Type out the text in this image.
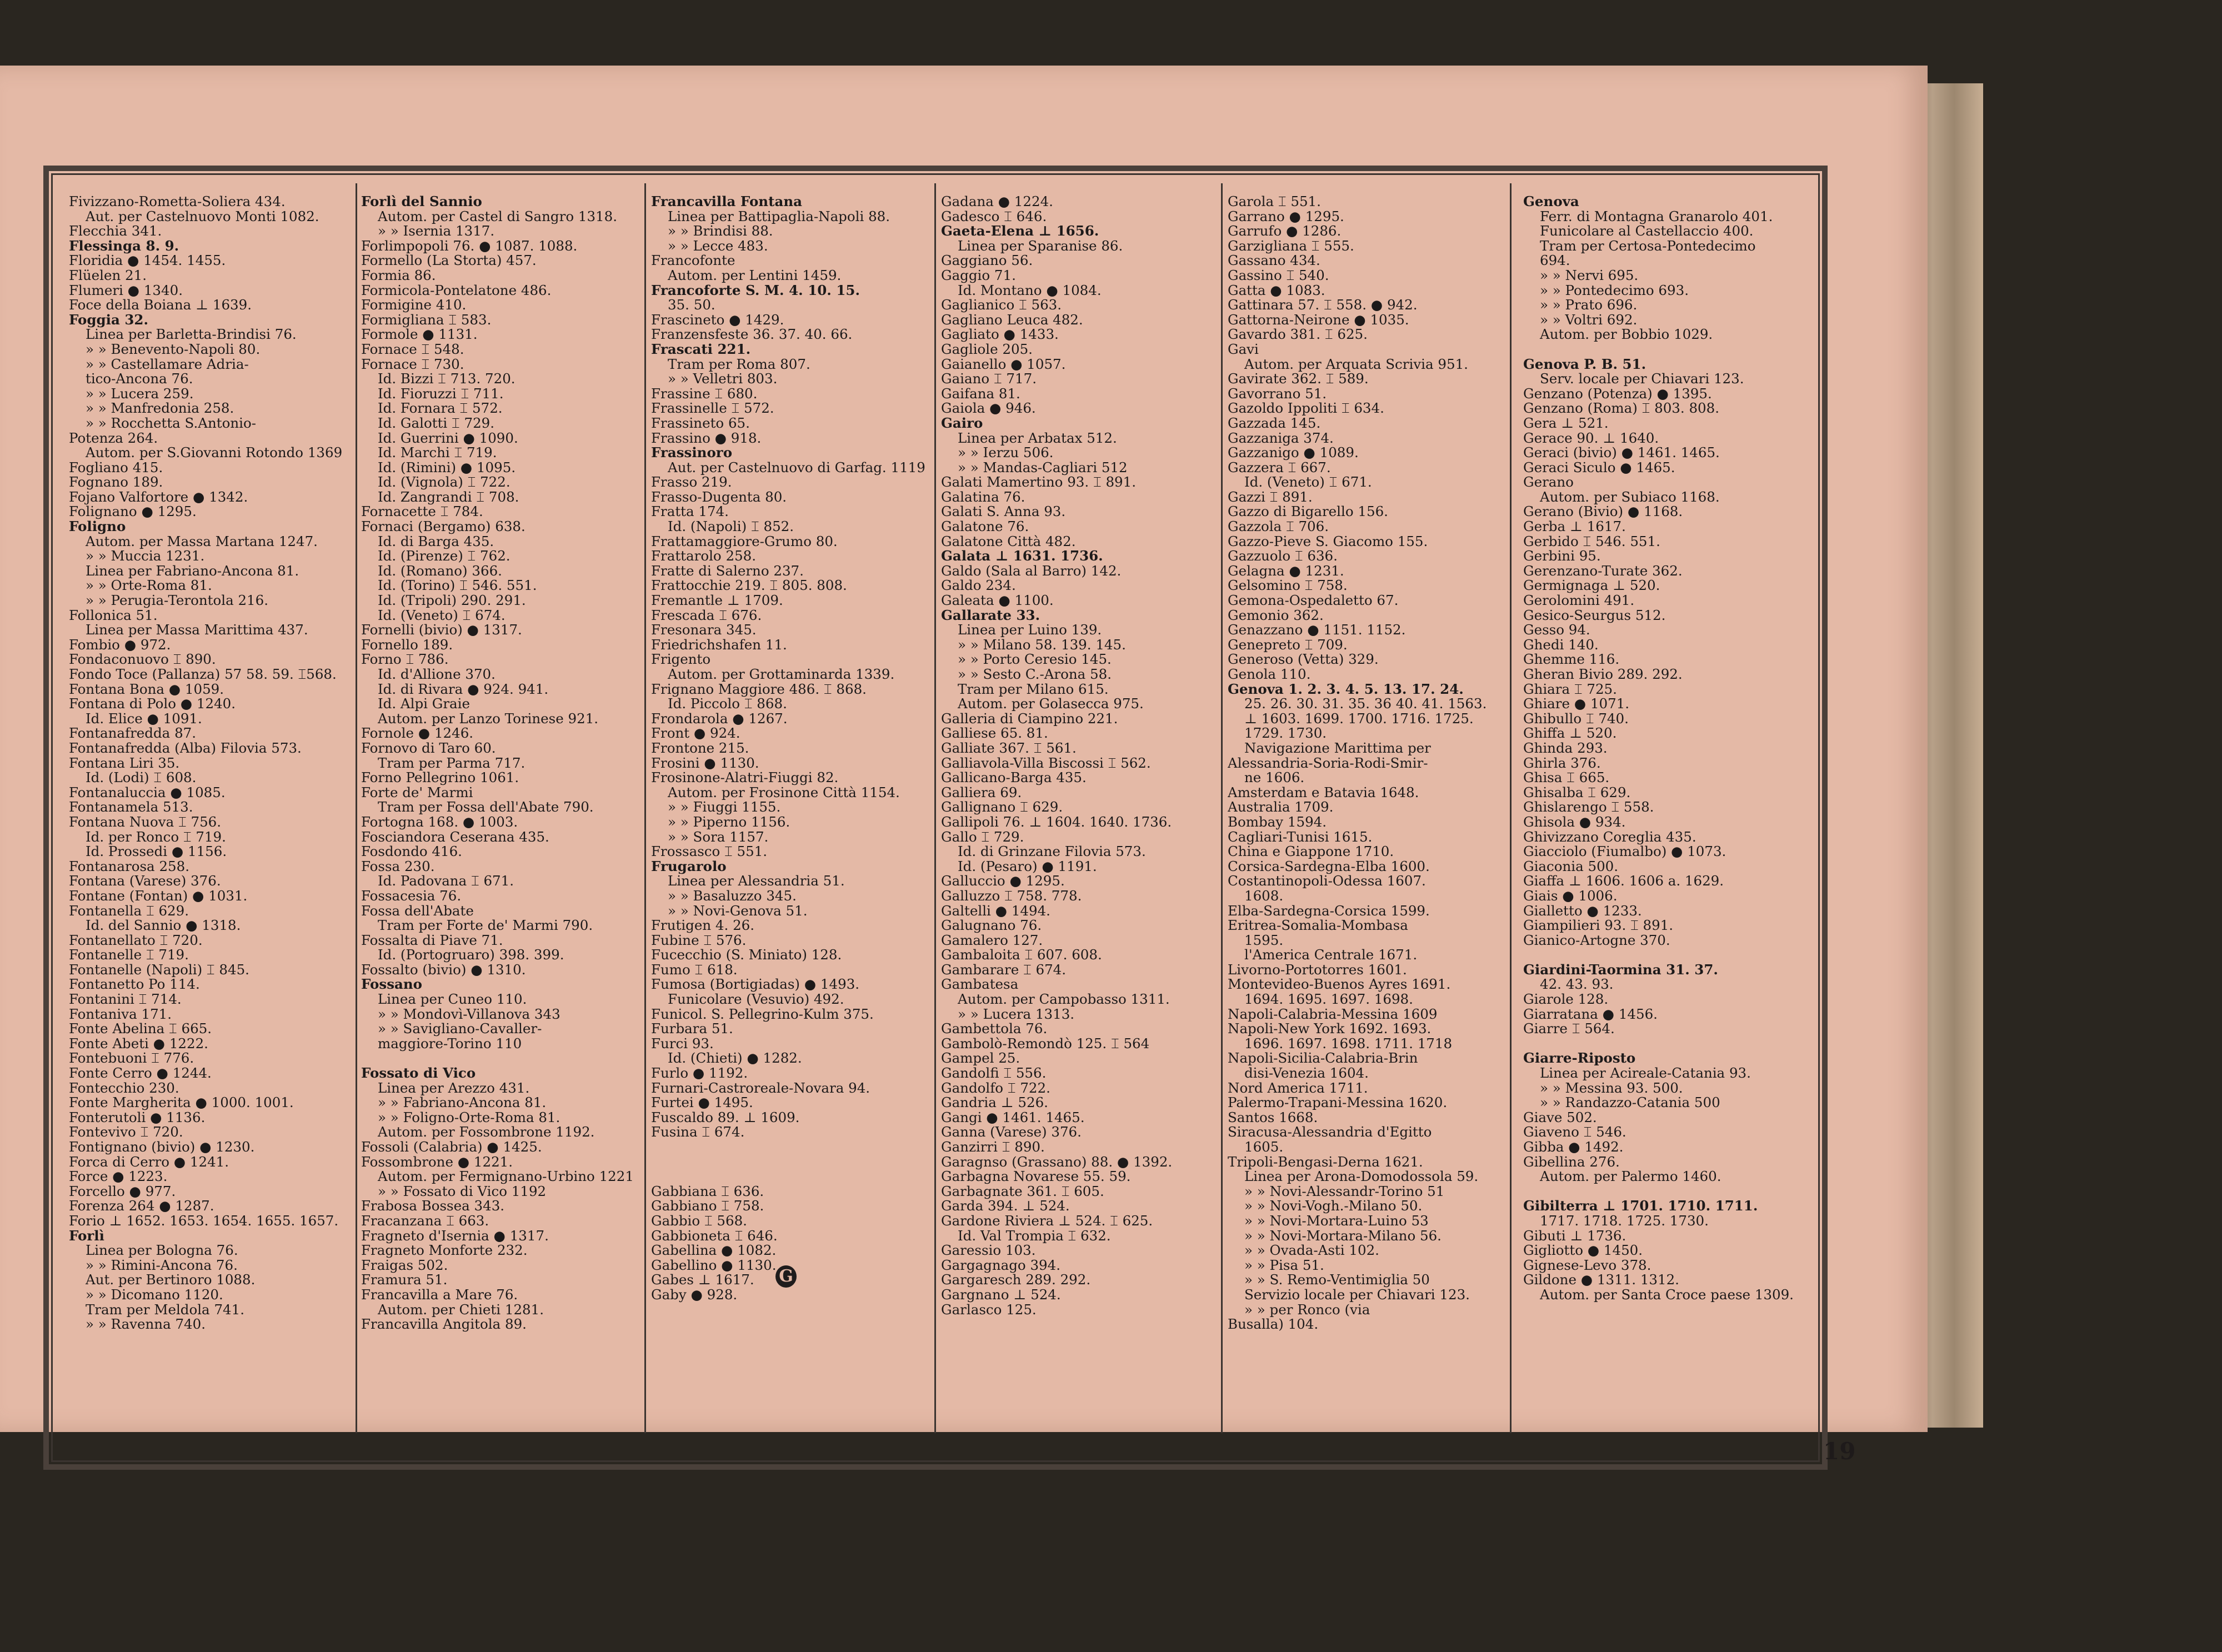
Fivizzano-Rometta-Soliera 434.
Aut. per Castelnuovo Monti 1082.
Flecchia 341.
Flessinga 8. 9.
Floridia ● 1454. 1455.
Flüelen 21.
Flumeri ● 1340.
Foce della Boiana ⊥ 1639.
Foggia 32.
Linea per Barletta-Brindisi 76.
» » Benevento-Napoli 80.
» » Castellamare Adria-
tico-Ancona 76.
» » Lucera 259.
» » Manfredonia 258.
» » Rocchetta S.Antonio-
Potenza 264.
Autom. per S.Giovanni Rotondo 1369
Fogliano 415.
Fognano 189.
Fojano Valfortore ● 1342.
Folignano ● 1295.
Foligno
Autom. per Massa Martana 1247.
» » Muccia 1231.
Linea per Fabriano-Ancona 81.
» » Orte-Roma 81.
» » Perugia-Terontola 216.
Follonica 51.
Linea per Massa Marittima 437.
Fombio ● 972.
Fondaconuovo ⌶ 890.
Fondo Toce (Pallanza) 57 58. 59. ⌶568.
Fontana Bona ● 1059.
Fontana di Polo ● 1240.
Id. Elice ● 1091.
Fontanafredda 87.
Fontanafredda (Alba) Filovia 573.
Fontana Liri 35.
Id. (Lodi) ⌶ 608.
Fontanaluccia ● 1085.
Fontanamela 513.
Fontana Nuova ⌶ 756.
Id. per Ronco ⌶ 719.
Id. Prossedi ● 1156.
Fontanarosa 258.
Fontana (Varese) 376.
Fontane (Fontan) ● 1031.
Fontanella ⌶ 629.
Id. del Sannio ● 1318.
Fontanellato ⌶ 720.
Fontanelle ⌶ 719.
Fontanelle (Napoli) ⌶ 845.
Fontanetto Po 114.
Fontanini ⌶ 714.
Fontaniva 171.
Fonte Abelina ⌶ 665.
Fonte Abeti ● 1222.
Fontebuoni ⌶ 776.
Fonte Cerro ● 1244.
Fontecchio 230.
Fonte Margherita ● 1000. 1001.
Fonterutoli ● 1136.
Fontevivo ⌶ 720.
Fontignano (bivio) ● 1230.
Forca di Cerro ● 1241.
Force ● 1223.
Forcello ● 977.
Forenza 264 ● 1287.
Forio ⊥ 1652. 1653. 1654. 1655. 1657.
Forlì
Linea per Bologna 76.
» » Rimini-Ancona 76.
Aut. per Bertinoro 1088.
» » Dicomano 1120.
Tram per Meldola 741.
» » Ravenna 740.
Forlì del Sannio
Autom. per Castel di Sangro 1318.
» » Isernia 1317.
Forlimpopoli 76. ● 1087. 1088.
Formello (La Storta) 457.
Formia 86.
Formicola-Pontelatone 486.
Formigine 410.
Formigliana ⌶ 583.
Formole ● 1131.
Fornace ⌶ 548.
Fornace ⌶ 730.
Id. Bizzi ⌶ 713. 720.
Id. Fioruzzi ⌶ 711.
Id. Fornara ⌶ 572.
Id. Galotti ⌶ 729.
Id. Guerrini ● 1090.
Id. Marchi ⌶ 719.
Id. (Rimini) ● 1095.
Id. (Vignola) ⌶ 722.
Id. Zangrandi ⌶ 708.
Fornacette ⌶ 784.
Fornaci (Bergamo) 638.
Id. di Barga 435.
Id. (Pirenze) ⌶ 762.
Id. (Romano) 366.
Id. (Torino) ⌶ 546. 551.
Id. (Tripoli) 290. 291.
Id. (Veneto) ⌶ 674.
Fornelli (bivio) ● 1317.
Fornello 189.
Forno ⌶ 786.
Id. d'Allione 370.
Id. di Rivara ● 924. 941.
Id. Alpi Graie
Autom. per Lanzo Torinese 921.
Fornole ● 1246.
Fornovo di Taro 60.
Tram per Parma 717.
Forno Pellegrino 1061.
Forte de' Marmi
Tram per Fossa dell'Abate 790.
Fortogna 168. ● 1003.
Fosciandora Ceserana 435.
Fosdondo 416.
Fossa 230.
Id. Padovana ⌶ 671.
Fossacesia 76.
Fossa dell'Abate
Tram per Forte de' Marmi 790.
Fossalta di Piave 71.
Id. (Portogruaro) 398. 399.
Fossalto (bivio) ● 1310.
Fossano
Linea per Cuneo 110.
» » Mondovì-Villanova 343
» » Savigliano-Cavaller-
maggiore-Torino 110
Fossato di Vico
Linea per Arezzo 431.
» » Fabriano-Ancona 81.
» » Foligno-Orte-Roma 81.
Autom. per Fossombrone 1192.
Fossoli (Calabria) ● 1425.
Fossombrone ● 1221.
Autom. per Fermignano-Urbino 1221
» » Fossato di Vico 1192
Frabosa Bossea 343.
Fracanzana ⌶ 663.
Fragneto d'Isernia ● 1317.
Fragneto Monforte 232.
Fraigas 502.
Framura 51.
Francavilla a Mare 76.
Autom. per Chieti 1281.
Francavilla Angitola 89.
Francavilla Fontana
Linea per Battipaglia-Napoli 88.
» » Brindisi 88.
» » Lecce 483.
Francofonte
Autom. per Lentini 1459.
Francoforte S. M. 4. 10. 15.
35. 50.
Frascineto ● 1429.
Franzensfeste 36. 37. 40. 66.
Frascati 221.
Tram per Roma 807.
» » Velletri 803.
Frassine ⌶ 680.
Frassinelle ⌶ 572.
Frassineto 65.
Frassino ● 918.
Frassinoro
Aut. per Castelnuovo di Garfag. 1119
Frasso 219.
Frasso-Dugenta 80.
Fratta 174.
Id. (Napoli) ⌶ 852.
Frattamaggiore-Grumo 80.
Frattarolo 258.
Fratte di Salerno 237.
Frattocchie 219. ⌶ 805. 808.
Fremantle ⊥ 1709.
Frescada ⌶ 676.
Fresonara 345.
Friedrichshafen 11.
Frigento
Autom. per Grottaminarda 1339.
Frignano Maggiore 486. ⌶ 868.
Id. Piccolo ⌶ 868.
Frondarola ● 1267.
Front ● 924.
Frontone 215.
Frosini ● 1130.
Frosinone-Alatri-Fiuggi 82.
Autom. per Frosinone Città 1154.
» » Fiuggi 1155.
» » Piperno 1156.
» » Sora 1157.
Frossasco ⌶ 551.
Frugarolo
Linea per Alessandria 51.
» » Basaluzzo 345.
» » Novi-Genova 51.
Frutigen 4. 26.
Fubine ⌶ 576.
Fucecchio (S. Miniato) 128.
Fumo ⌶ 618.
Fumosa (Bortigiadas) ● 1493.
Funicolare (Vesuvio) 492.
Funicol. S. Pellegrino-Kulm 375.
Furbara 51.
Furci 93.
Id. (Chieti) ● 1282.
Furlo ● 1192.
Furnari-Castroreale-Novara 94.
Furtei ● 1495.
Fuscaldo 89. ⊥ 1609.
Fusina ⌶ 674.
Gabbiana ⌶ 636.
Gabbiano ⌶ 758.
Gabbio ⌶ 568.
Gabbioneta ⌶ 646.
Gabellina ● 1082.
Gabellino ● 1130.
Gabes ⊥ 1617.
Gaby ● 928.
Gadana ● 1224.
Gadesco ⌶ 646.
Gaeta-Elena ⊥ 1656.
Linea per Sparanise 86.
Gaggiano 56.
Gaggio 71.
Id. Montano ● 1084.
Gaglianico ⌶ 563.
Gagliano Leuca 482.
Gagliato ● 1433.
Gagliole 205.
Gaianello ● 1057.
Gaiano ⌶ 717.
Gaifana 81.
Gaiola ● 946.
Gairo
Linea per Arbatax 512.
» » Ierzu 506.
» » Mandas-Cagliari 512
Galati Mamertino 93. ⌶ 891.
Galatina 76.
Galati S. Anna 93.
Galatone 76.
Galatone Città 482.
Galata ⊥ 1631. 1736.
Galdo (Sala al Barro) 142.
Galdo 234.
Galeata ● 1100.
Gallarate 33.
Linea per Luino 139.
» » Milano 58. 139. 145.
» » Porto Ceresio 145.
» » Sesto C.-Arona 58.
Tram per Milano 615.
Autom. per Golasecca 975.
Galleria di Ciampino 221.
Galliese 65. 81.
Galliate 367. ⌶ 561.
Galliavola-Villa Biscossi ⌶ 562.
Gallicano-Barga 435.
Galliera 69.
Gallignano ⌶ 629.
Gallipoli 76. ⊥ 1604. 1640. 1736.
Gallo ⌶ 729.
Id. di Grinzane Filovia 573.
Id. (Pesaro) ● 1191.
Galluccio ● 1295.
Galluzzo ⌶ 758. 778.
Galtelli ● 1494.
Galugnano 76.
Gamalero 127.
Gambaloita ⌶ 607. 608.
Gambarare ⌶ 674.
Gambatesa
Autom. per Campobasso 1311.
» » Lucera 1313.
Gambettola 76.
Gambolò-Remondò 125. ⌶ 564
Gampel 25.
Gandolfi ⌶ 556.
Gandolfo ⌶ 722.
Gandria ⊥ 526.
Gangi ● 1461. 1465.
Ganna (Varese) 376.
Ganzirri ⌶ 890.
Garagnso (Grassano) 88. ● 1392.
Garbagna Novarese 55. 59.
Garbagnate 361. ⌶ 605.
Garda 394. ⊥ 524.
Gardone Riviera ⊥ 524. ⌶ 625.
Id. Val Trompia ⌶ 632.
Garessio 103.
Gargagnago 394.
Gargaresch 289. 292.
Gargnano ⊥ 524.
Garlasco 125.
Garola ⌶ 551.
Garrano ● 1295.
Garrufo ● 1286.
Garzigliana ⌶ 555.
Gassano 434.
Gassino ⌶ 540.
Gatta ● 1083.
Gattinara 57. ⌶ 558. ● 942.
Gattorna-Neirone ● 1035.
Gavardo 381. ⌶ 625.
Gavi
Autom. per Arquata Scrivia 951.
Gavirate 362. ⌶ 589.
Gavorrano 51.
Gazoldo Ippoliti ⌶ 634.
Gazzada 145.
Gazzaniga 374.
Gazzanigo ● 1089.
Gazzera ⌶ 667.
Id. (Veneto) ⌶ 671.
Gazzi ⌶ 891.
Gazzo di Bigarello 156.
Gazzola ⌶ 706.
Gazzo-Pieve S. Giacomo 155.
Gazzuolo ⌶ 636.
Gelagna ● 1231.
Gelsomino ⌶ 758.
Gemona-Ospedaletto 67.
Gemonio 362.
Genazzano ● 1151. 1152.
Genepreto ⌶ 709.
Generoso (Vetta) 329.
Genola 110.
Genova 1. 2. 3. 4. 5. 13. 17. 24.
25. 26. 30. 31. 35. 36 40. 41. 1563.
⊥ 1603. 1699. 1700. 1716. 1725.
1729. 1730.
Navigazione Marittima per
Alessandria-Soria-Rodi-Smir-
ne 1606.
Amsterdam e Batavia 1648.
Australia 1709.
Bombay 1594.
Cagliari-Tunisi 1615.
China e Giappone 1710.
Corsica-Sardegna-Elba 1600.
Costantinopoli-Odessa 1607.
1608.
Elba-Sardegna-Corsica 1599.
Eritrea-Somalia-Mombasa
1595.
l'America Centrale 1671.
Livorno-Portotorres 1601.
Montevideo-Buenos Ayres 1691.
1694. 1695. 1697. 1698.
Napoli-Calabria-Messina 1609
Napoli-New York 1692. 1693.
1696. 1697. 1698. 1711. 1718
Napoli-Sicilia-Calabria-Brin
disi-Venezia 1604.
Nord America 1711.
Palermo-Trapani-Messina 1620.
Santos 1668.
Siracusa-Alessandria d'Egitto
1605.
Tripoli-Bengasi-Derna 1621.
Linea per Arona-Domodossola 59.
» » Novi-Alessandr-Torino 51
» » Novi-Vogh.-Milano 50.
» » Novi-Mortara-Luino 53
» » Novi-Mortara-Milano 56.
» » Ovada-Asti 102.
» » Pisa 51.
» » S. Remo-Ventimiglia 50
Servizio locale per Chiavari 123.
» » per Ronco (via
Busalla) 104.
Genova
Ferr. di Montagna Granarolo 401.
Funicolare al Castellaccio 400.
Tram per Certosa-Pontedecimo
694.
» » Nervi 695.
» » Pontedecimo 693.
» » Prato 696.
» » Voltri 692.
Autom. per Bobbio 1029.
Genova P. B. 51.
Serv. locale per Chiavari 123.
Genzano (Potenza) ● 1395.
Genzano (Roma) ⌶ 803. 808.
Gera ⊥ 521.
Gerace 90. ⊥ 1640.
Geraci (bivio) ● 1461. 1465.
Geraci Siculo ● 1465.
Gerano
Autom. per Subiaco 1168.
Gerano (Bivio) ● 1168.
Gerba ⊥ 1617.
Gerbido ⌶ 546. 551.
Gerbini 95.
Gerenzano-Turate 362.
Germignaga ⊥ 520.
Gerolomini 491.
Gesico-Seurgus 512.
Gesso 94.
Ghedi 140.
Ghemme 116.
Gheran Bivio 289. 292.
Ghiara ⌶ 725.
Ghiare ● 1071.
Ghibullo ⌶ 740.
Ghiffa ⊥ 520.
Ghinda 293.
Ghirla 376.
Ghisa ⌶ 665.
Ghisalba ⌶ 629.
Ghislarengo ⌶ 558.
Ghisola ● 934.
Ghivizzano Coreglia 435.
Giacciolo (Fiumalbo) ● 1073.
Giaconia 500.
Giaffa ⊥ 1606. 1606 a. 1629.
Giais ● 1006.
Gialletto ● 1233.
Giampilieri 93. ⌶ 891.
Gianico-Artogne 370.
Giardini-Taormina 31. 37.
42. 43. 93.
Giarole 128.
Giarratana ● 1456.
Giarre ⌶ 564.
Giarre-Riposto
Linea per Acireale-Catania 93.
» » Messina 93. 500.
» » Randazzo-Catania 500
Giave 502.
Giaveno ⌶ 546.
Gibba ● 1492.
Gibellina 276.
Autom. per Palermo 1460.
Gibilterra ⊥ 1701. 1710. 1711.
1717. 1718. 1725. 1730.
Gibuti ⊥ 1736.
Gigliotto ● 1450.
Gignese-Levo 378.
Gildone ● 1311. 1312.
Autom. per Santa Croce paese 1309.
G
19
